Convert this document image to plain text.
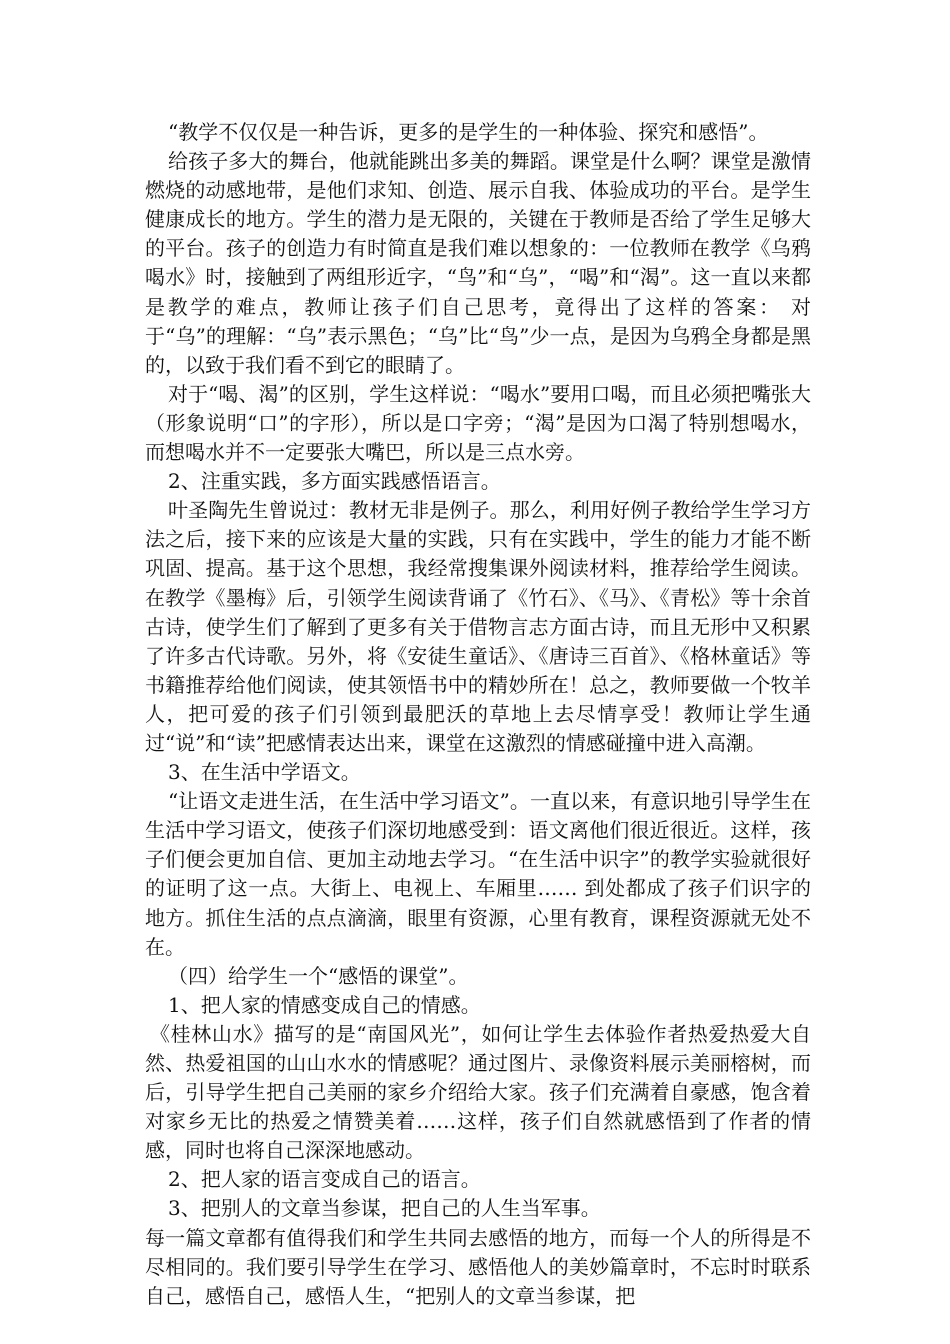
“教学不仅仅是一种告诉，更多的是学生的一种体验、探究和感悟”。

给孩子多大的舞台，他就能跳出多美的舞蹈。课堂是什么啊？课堂是激情燃烧的动感地带，是他们求知、创造、展示自我、体验成功的平台。是学生健康成长的地方。学生的潜力是无限的，关键在于教师是否给了学生足够大的平台。孩子的创造力有时简直是我们难以想象的：一位教师在教学《乌鸦喝水》时，接触到了两组形近字，“鸟”和“乌”，“喝”和“渴”。这一直以来都是教学的难点，教师让孩子们自己思考，竟得出了这样的答案： 对于“乌”的理解：“乌”表示黑色；“乌”比“鸟”少一点，是因为乌鸦全身都是黑的，以致于我们看不到它的眼睛了。

对于“喝、渴”的区别，学生这样说：“喝水”要用口喝，而且必须把嘴张大（形象说明“口”的字形），所以是口字旁；“渴”是因为口渴了特别想喝水，而想喝水并不一定要张大嘴巴，所以是三点水旁。

2、注重实践，多方面实践感悟语言。

叶圣陶先生曾说过：教材无非是例子。那么，利用好例子教给学生学习方法之后，接下来的应该是大量的实践，只有在实践中，学生的能力才能不断巩固、提高。基于这个思想，我经常搜集课外阅读材料，推荐给学生阅读。在教学《墨梅》后，引领学生阅读背诵了《竹石》、《马》、《青松》等十余首古诗，使学生们了解到了更多有关于借物言志方面古诗，而且无形中又积累了许多古代诗歌。另外，将《安徒生童话》、《唐诗三百首》、《格林童话》等书籍推荐给他们阅读，使其领悟书中的精妙所在！总之，教师要做一个牧羊人，把可爱的孩子们引领到最肥沃的草地上去尽情享受！教师让学生通过“说”和“读”把感情表达出来，课堂在这激烈的情感碰撞中进入高潮。

3、在生活中学语文。

“让语文走进生活，在生活中学习语文”。一直以来，有意识地引导学生在生活中学习语文，使孩子们深切地感受到：语文离他们很近很近。这样，孩子们便会更加自信、更加主动地去学习。“在生活中识字”的教学实验就很好的证明了这一点。大街上、电视上、车厢里…… 到处都成了孩子们识字的地方。抓住生活的点点滴滴，眼里有资源，心里有教育，课程资源就无处不在。

（四）给学生一个“感悟的课堂”。

1、把人家的情感变成自己的情感。

《桂林山水》描写的是“南国风光”，如何让学生去体验作者热爱热爱大自然、热爱祖国的山山水水的情感呢？通过图片、录像资料展示美丽榕树，而后，引导学生把自己美丽的家乡介绍给大家。孩子们充满着自豪感，饱含着对家乡无比的热爱之情赞美着……这样，孩子们自然就感悟到了作者的情感，同时也将自己深深地感动。

2、把人家的语言变成自己的语言。

3、把别人的文章当参谋，把自己的人生当军事。

每一篇文章都有值得我们和学生共同去感悟的地方，而每一个人的所得是不尽相同的。我们要引导学生在学习、感悟他人的美妙篇章时，不忘时时联系自己，感悟自己，感悟人生，“把别人的文章当参谋，把
